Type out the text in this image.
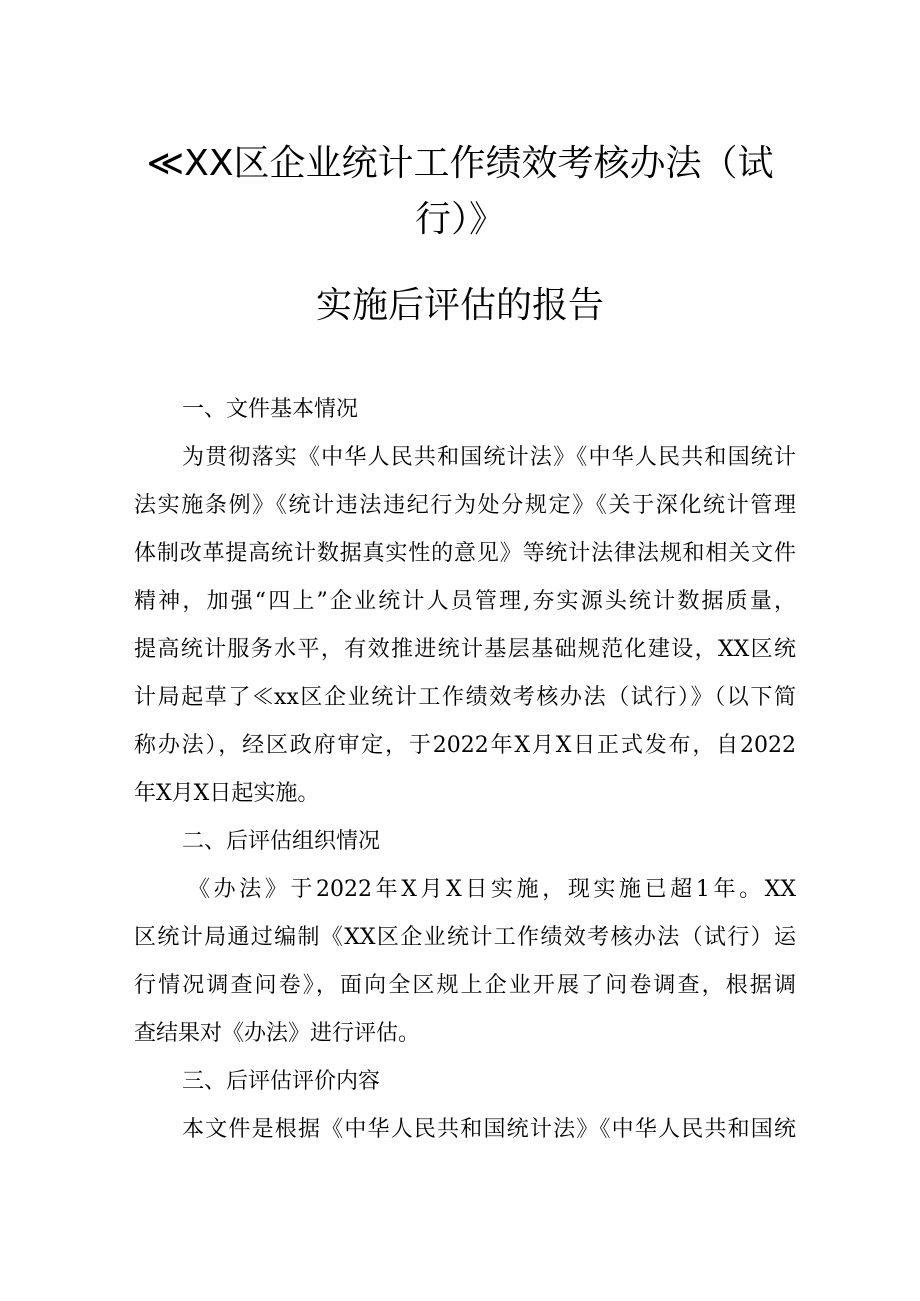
≪XX区企业统计工作绩效考核办法（试
行）》
实施后评估的报告

一、文件基本情况

为贯彻落实《中华人民共和国统计法》《中华人民共和国统计

法实施条例》《统计违法违纪行为处分规定》《关于深化统计管理

体制改革提高统计数据真实性的意见》等统计法律法规和相关文件

精神，加强“四上”企业统计人员管理,夯实源头统计数据质量，

提高统计服务水平，有效推进统计基层基础规范化建设，XX区统

计局起草了≪xx区企业统计工作绩效考核办法（试行）》（以下简

称办法），经区政府审定，于2022年X月X日正式发布，自2022

年X月X日起实施。

二、后评估组织情况

《办法》于2022年X月X日实施，现实施已超1年。XX

区统计局通过编制《XX区企业统计工作绩效考核办法（试行）运

行情况调查问卷》，面向全区规上企业开展了问卷调查，根据调

查结果对《办法》进行评估。

三、后评估评价内容

本文件是根据《中华人民共和国统计法》《中华人民共和国统
